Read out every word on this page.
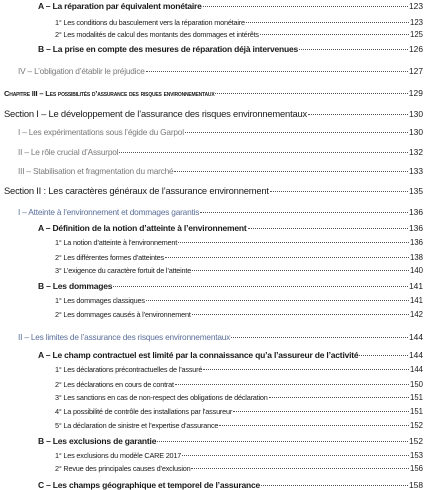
A – La réparation par équivalent monétaire	123
1° Les conditions du basculement vers la réparation monétaire	123
2° Les modalités de calcul des montants des dommages et intérêts	125
B – La prise en compte des mesures de réparation déjà intervenues	126
IV – L’obligation d’établir le préjudice	127
Chapitre III – Les possibilités d’assurance des risques environnementaux	129
Section I – Le développement de l’assurance des risques environnementaux	130
I – Les expérimentations sous l’égide du Garpol	130
II – Le rôle crucial d’Assurpol	132
III – Stabilisation et fragmentation du marché	133
Section II : Les caractères généraux de l’assurance environnement	135
I – Atteinte à l’environnement et dommages garantis	136
A – Définition de la notion d’atteinte à l’environnement	136
1° La notion d’atteinte à l’environnement	136
2° Les différentes formes d’atteintes	138
3° L’exigence du caractère fortuit de l’atteinte	140
B – Les dommages	141
1° Les dommages classiques	141
2° Les dommages causés à l’environnement	142
II – Les limites de l’assurance des risques environnementaux	144
A – Le champ contractuel est limité par la connaissance qu’a l’assureur de l’activité	144
1° Les déclarations précontractuelles de l’assuré	144
2° Les déclarations en cours de contrat	150
3° Les sanctions en cas de non-respect des obligations de déclaration	151
4° La possibilité de contrôle des installations par l’assureur	151
5° La déclaration de sinistre et l’expertise d’assurance	152
B – Les exclusions de garantie	152
1° Les exclusions du modèle CARE 2017	153
2° Revue des principales causes d’exclusion	156
C – Les champs géographique et temporel de l’assurance	158
